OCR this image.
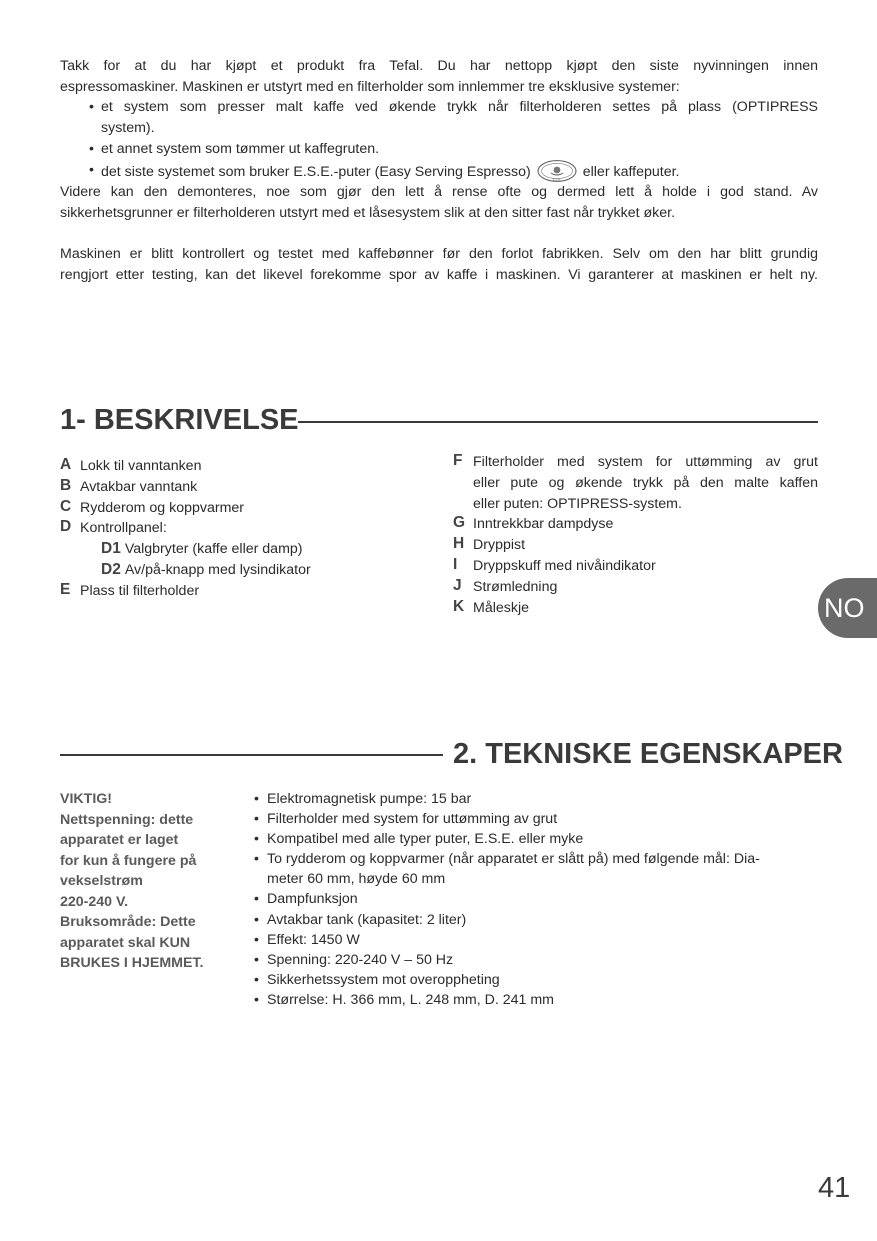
Takk for at du har kjøpt et produkt fra Tefal. Du har nettopp kjøpt den siste nyvinningen innen

espressomaskiner. Maskinen er utstyrt med en filterholder som innlemmer tre eksklusive systemer:

• et system som presser malt kaffe ved økende trykk når filterholderen settes på plass (OPTIPRESS

system).

• et annet system som tømmer ut kaffegruten.

• det siste systemet som bruker E.S.E.-puter (Easy Serving Espresso)	E.S.E. eller kaffeputer.

Videre kan den demonteres, noe som gjør den lett å rense ofte og dermed lett å holde i god stand. Av

sikkerhetsgrunner er filterholderen utstyrt med et låsesystem slik at den sitter fast når trykket øker.

Maskinen er blitt kontrollert og testet med kaffebønner før den forlot fabrikken. Selv om den har blitt grundig

rengjort etter testing, kan det likevel forekomme spor av kaffe i maskinen. Vi garanterer at maskinen er helt ny.

1- BESKRIVELSE
A Lokk til vanntanken
B Avtakbar vanntank
C Rydderom og koppvarmer
D Kontrollpanel:
D1 Valgbryter (kaffe eller damp)
D2 Av/på-knapp med lysindikator
E Plass til filterholder
F Filterholder med system for uttømming av grut

eller pute og økende trykk på den malte kaffen

eller puten: OPTIPRESS-system.

G Inntrekkbar dampdyse
H Dryppist
I Dryppskuff med nivåindikator
J Strømledning
K Måleskje	NO
2. TEKNISKE EGENSKAPER

VIKTIG!

Nettspenning: dette

apparatet er laget

for kun å fungere på

vekselstrøm

220-240 V.

Bruksområde: Dette

apparatet skal KUN

BRUKES I HJEMMET.

• Elektromagnetisk pumpe: 15 bar
• Filterholder med system for uttømming av grut
• Kompatibel med alle typer puter, E.S.E. eller myke
• To rydderom og koppvarmer (når apparatet er slått på) med følgende mål: Dia-

meter 60 mm, høyde 60 mm

• Dampfunksjon
• Avtakbar tank (kapasitet: 2 liter)
• Effekt: 1450 W
• Spenning: 220-240 V – 50 Hz
• Sikkerhetssystem mot overoppheting
• Størrelse: H. 366 mm, L. 248 mm, D. 241 mm
41
